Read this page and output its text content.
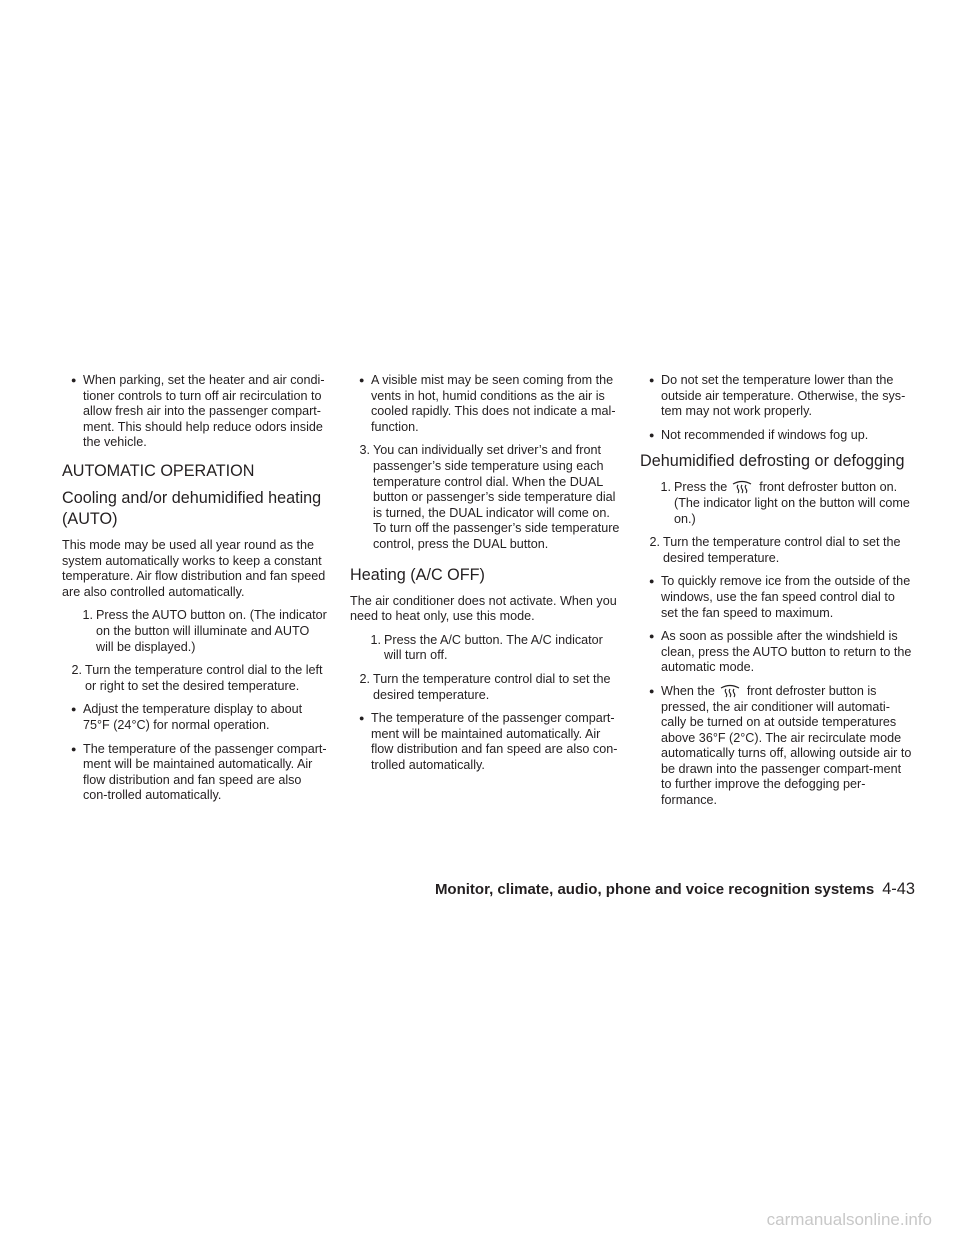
● When parking, set the heater and air condi-tioner controls to turn off air recirculation to allow fresh air into the passenger compart-ment. This should help reduce odors inside the vehicle.
AUTOMATIC OPERATION
Cooling and/or dehumidified heating (AUTO)
This mode may be used all year round as the system automatically works to keep a constant temperature. Air flow distribution and fan speed are also controlled automatically.
1. Press the AUTO button on. (The indicator on the button will illuminate and AUTO will be displayed.)
2. Turn the temperature control dial to the left or right to set the desired temperature.
● Adjust the temperature display to about 75°F (24°C) for normal operation.
● The temperature of the passenger compart-ment will be maintained automatically. Air flow distribution and fan speed are also con-trolled automatically.
● A visible mist may be seen coming from the vents in hot, humid conditions as the air is cooled rapidly. This does not indicate a mal-function.
3. You can individually set driver’s and front passenger’s side temperature using each temperature control dial. When the DUAL button or passenger’s side temperature dial is turned, the DUAL indicator will come on. To turn off the passenger’s side temperature control, press the DUAL button.
Heating (A/C OFF)
The air conditioner does not activate. When you need to heat only, use this mode.
1. Press the A/C button. The A/C indicator will turn off.
2. Turn the temperature control dial to set the desired temperature.
● The temperature of the passenger compart-ment will be maintained automatically. Air flow distribution and fan speed are also con-trolled automatically.
● Do not set the temperature lower than the outside air temperature. Otherwise, the sys-tem may not work properly.
● Not recommended if windows fog up.
Dehumidified defrosting or defogging
1. Press the	front defroster button on. (The indicator light on the button will come on.)
2. Turn the temperature control dial to set the desired temperature.
● To quickly remove ice from the outside of the windows, use the fan speed control dial to set the fan speed to maximum.
● As soon as possible after the windshield is clean, press the AUTO button to return to the automatic mode.
● When the	front defroster button is pressed, the air conditioner will automati-cally be turned on at outside temperatures above 36°F (2°C). The air recirculate mode automatically turns off, allowing outside air to be drawn into the passenger compart-ment to further improve the defogging per-formance.
Monitor, climate, audio, phone and voice recognition systems 4-43
carmanualsonline.info
